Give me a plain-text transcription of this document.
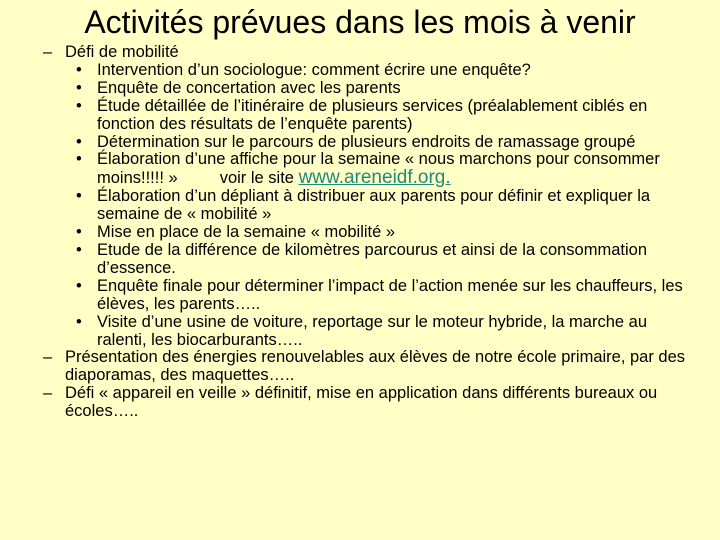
Activités prévues dans les mois à venir
– Défi de mobilité
• Intervention d’un sociologue: comment écrire une enquête?
• Enquête de concertation avec les parents
• Étude détaillée de l’itinéraire de plusieurs services (préalablement ciblés en fonction des résultats de l’enquête parents)
• Détermination sur le parcours de plusieurs endroits de ramassage groupé
• Élaboration d’une affiche pour la semaine « nous marchons pour consommer moins!!!!! »	voir le site www.areneidf.org.
• Élaboration d’un dépliant à distribuer aux parents pour définir et expliquer la semaine de « mobilité »
• Mise en place de la semaine « mobilité »
• Etude de la différence de kilomètres parcourus et ainsi de la consommation d’essence.
• Enquête finale pour déterminer l’impact de l’action menée sur les chauffeurs, les élèves, les parents…..
• Visite d’une usine de voiture, reportage sur le moteur hybride, la marche au ralenti, les biocarburants…..
– Présentation des énergies renouvelables aux élèves de notre école primaire, par des diaporamas, des maquettes…..
– Défi « appareil en veille » définitif, mise en application dans différents bureaux ou écoles…..
